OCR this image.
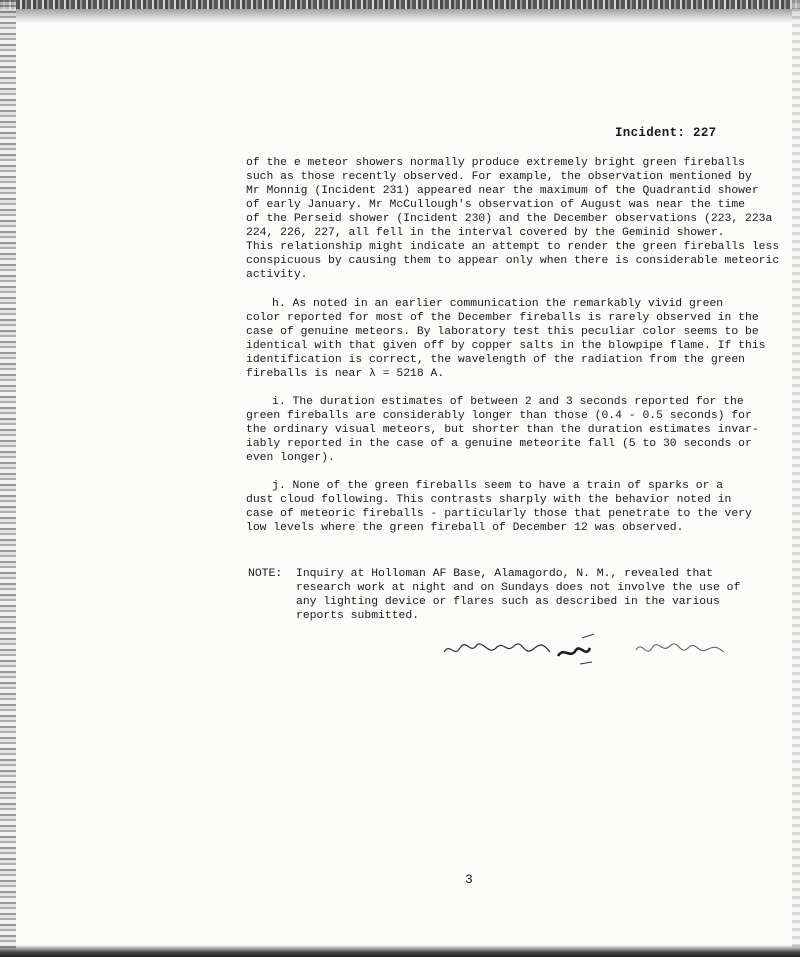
Incident: 227
of the e meteor showers normally produce extremely bright green fireballs
such as those recently observed. For example, the observation mentioned by
Mr Monnig (Incident 231) appeared near the maximum of the Quadrantid shower
of early January. Mr McCullough's observation of August was near the time
of the Perseid shower (Incident 230) and the December observations (223, 223a
224, 226, 227, all fell in the interval covered by the Geminid shower.
This relationship might indicate an attempt to render the green fireballs less
conspicuous by causing them to appear only when there is considerable meteoric
activity.
h. As noted in an earlier communication the remarkably vivid green
color reported for most of the December fireballs is rarely observed in the
case of genuine meteors. By laboratory test this peculiar color seems to be
identical with that given off by copper salts in the blowpipe flame. If this
identification is correct, the wavelength of the radiation from the green
fireballs is near λ = 5218 A.
i. The duration estimates of between 2 and 3 seconds reported for the
green fireballs are considerably longer than those (0.4 - 0.5 seconds) for
the ordinary visual meteors, but shorter than the duration estimates invar-
iably reported in the case of a genuine meteorite fall (5 to 30 seconds or
even longer).
j. None of the green fireballs seem to have a train of sparks or a
dust cloud following. This contrasts sharply with the behavior noted in
case of meteoric fireballs - particularly those that penetrate to the very
low levels where the green fireball of December 12 was observed.
NOTE: Inquiry at Holloman AF Base, Alamagordo, N. M., revealed that
research work at night and on Sundays does not involve the use of
any lighting device or flares such as described in the various
reports submitted.
3
